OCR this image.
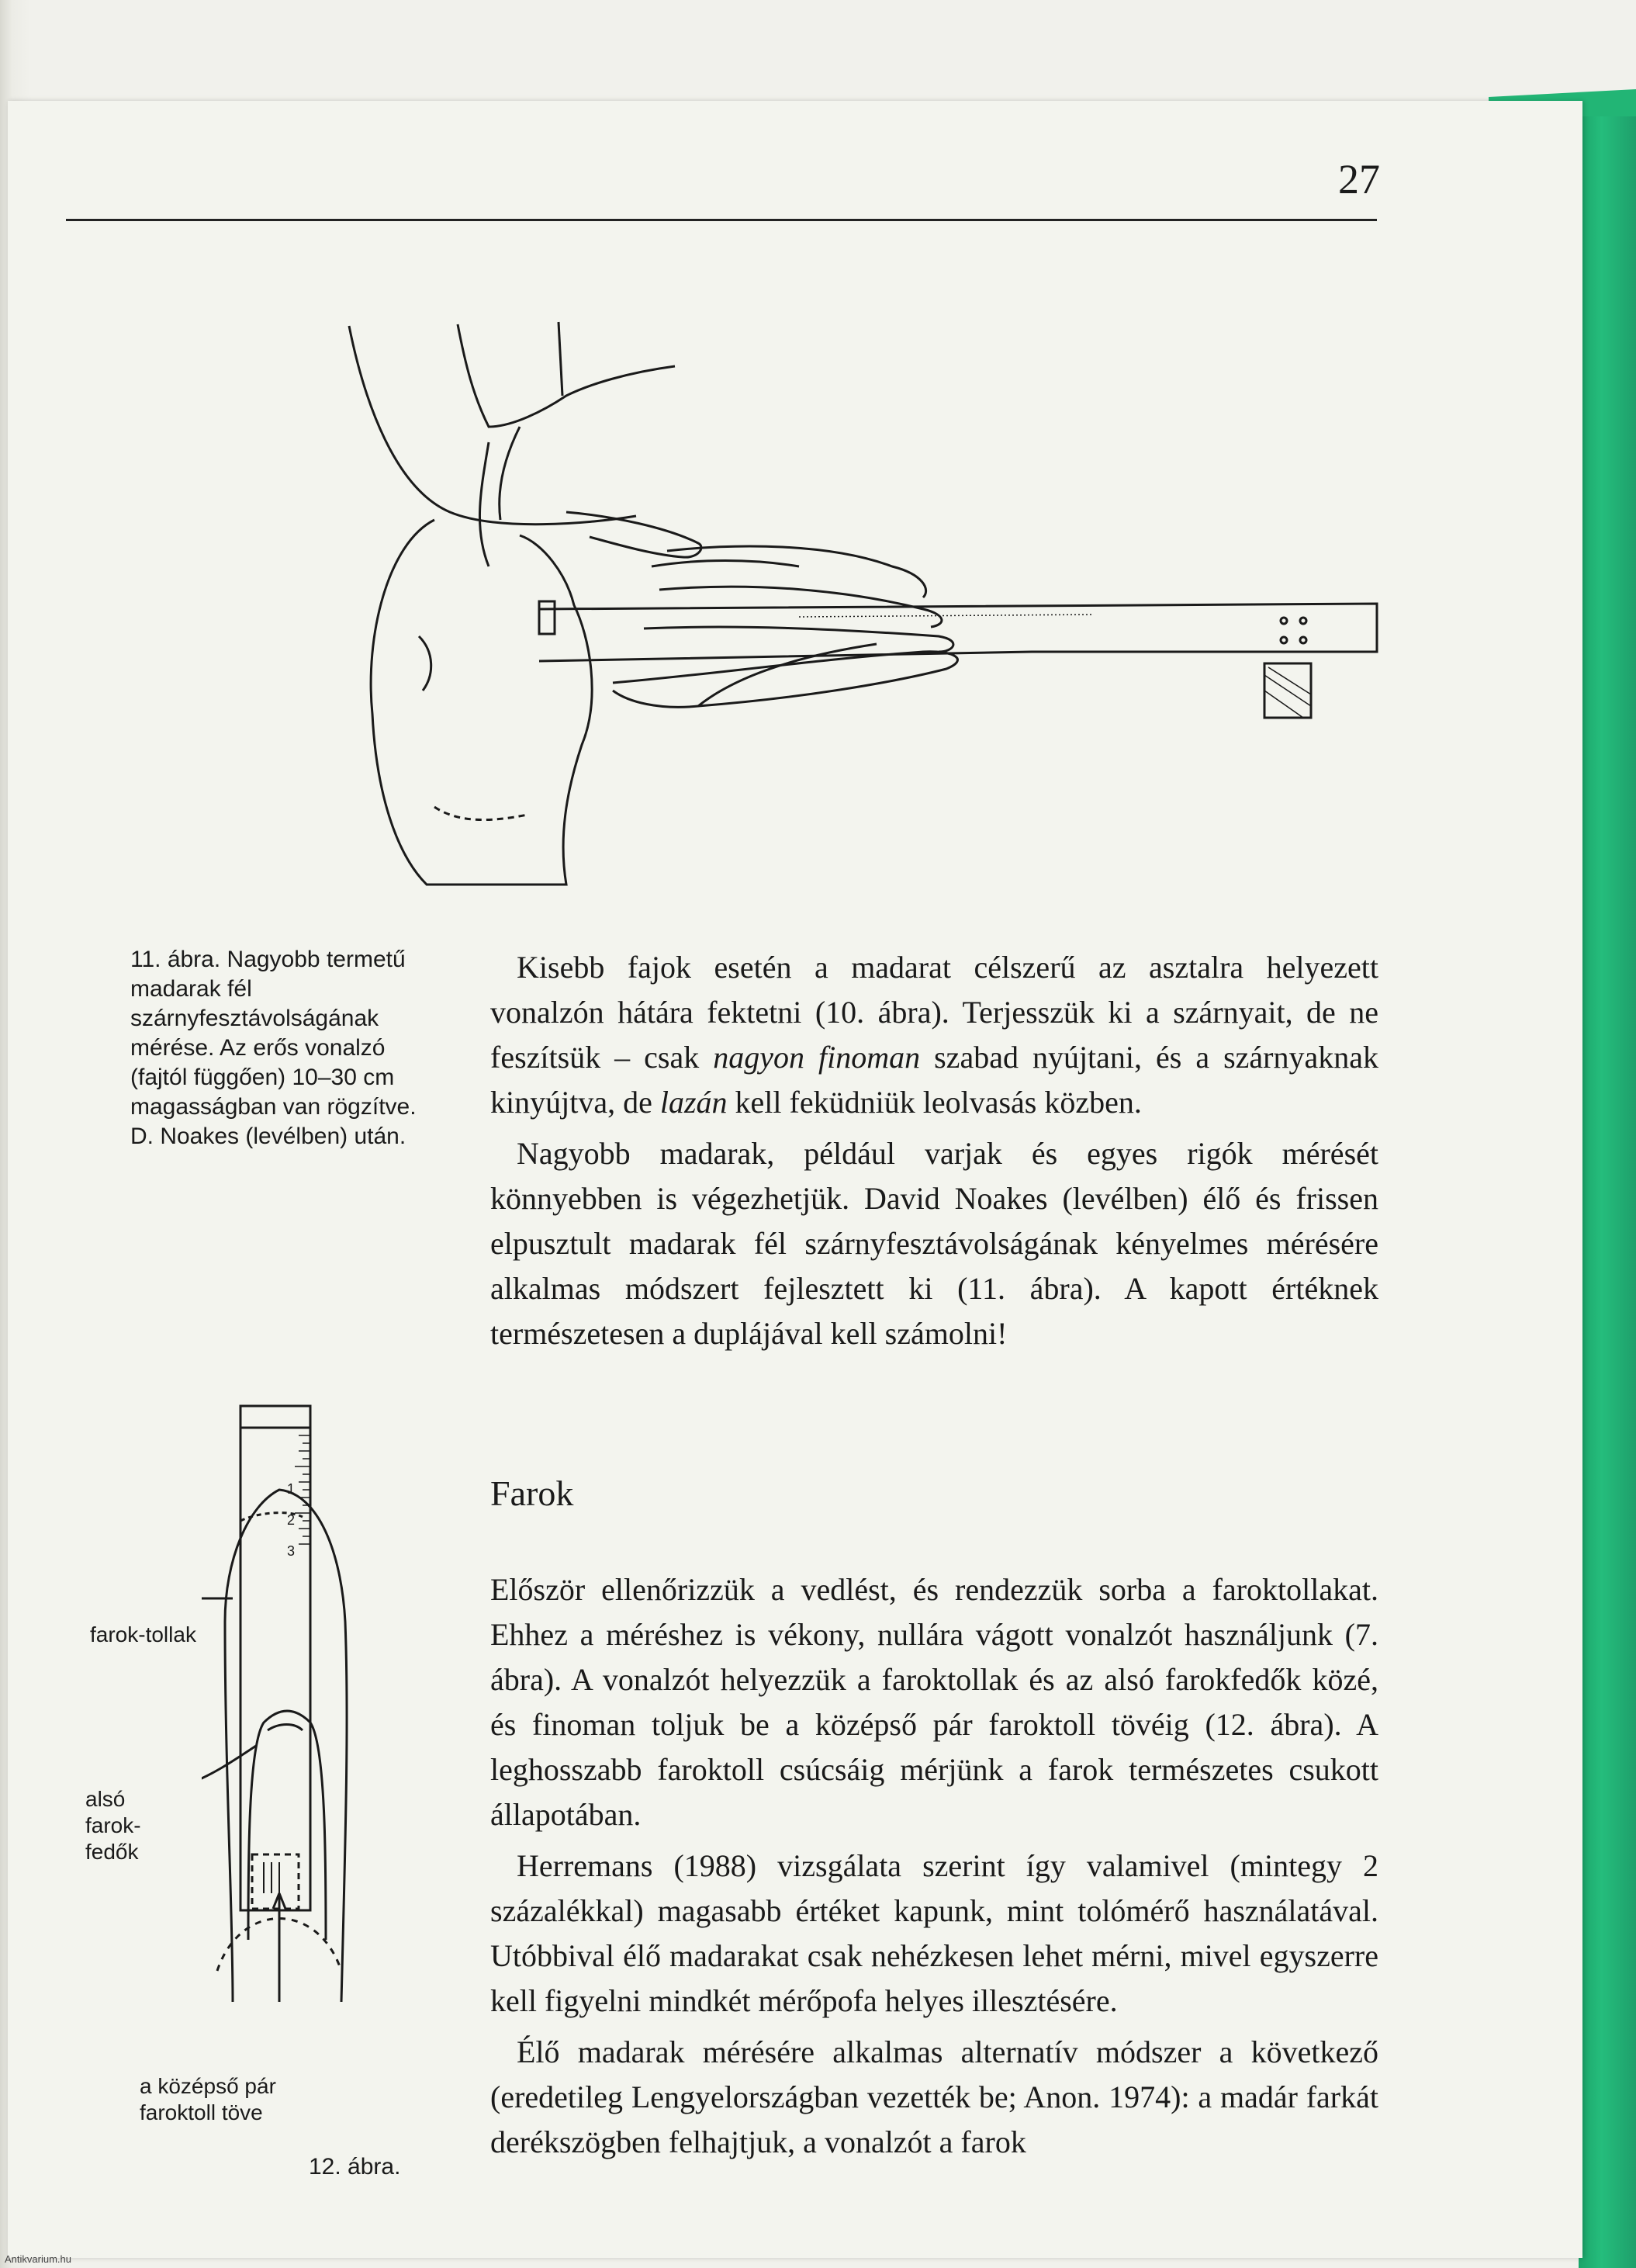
27
11. ábra. Nagyobb termetű madarak fél szárnyfesztávolságának mérése. Az erős vonalzó (fajtól függően) 10–30 cm magasságban van rögzítve. D. Noakes (levélben) után.
1
2
3
farok-tollak
alsó farok-fedők
a középső pár faroktoll töve
12. ábra.

Kisebb fajok esetén a madarat célszerű az asztalra helyezett vonalzón hátára fektetni (10. ábra). Terjesszük ki a szárnyait, de ne feszítsük – csak nagyon finoman szabad nyújtani, és a szárnyaknak kinyújtva, de lazán kell feküdniük leolvasás közben.

Nagyobb madarak, például varjak és egyes rigók mérését könnyebben is végezhetjük. David Noakes (levélben) élő és frissen elpusztult madarak fél szárnyfesztávolságának kényelmes mérésére alkalmas módszert fejlesztett ki (11. ábra). A kapott értéknek természetesen a duplájával kell számolni!

Farok

Először ellenőrizzük a vedlést, és rendezzük sorba a faroktollakat. Ehhez a méréshez is vékony, nullára vágott vonalzót használjunk (7. ábra). A vonalzót helyezzük a faroktollak és az alsó farokfedők közé, és finoman toljuk be a középső pár faroktoll tövéig (12. ábra). A leghosszabb faroktoll csúcsáig mérjünk a farok természetes csukott állapotában.

Herremans (1988) vizsgálata szerint így valamivel (mintegy 2 százalékkal) magasabb értéket kapunk, mint tolómérő használatával. Utóbbival élő madarakat csak nehézkesen lehet mérni, mivel egyszerre kell figyelni mindkét mérőpofa helyes illesztésére.

Élő madarak mérésére alkalmas alternatív módszer a következő (eredetileg Lengyelországban vezették be; Anon. 1974): a madár farkát derékszögben felhajtjuk, a vonalzót a farok

Antikvarium.hu
